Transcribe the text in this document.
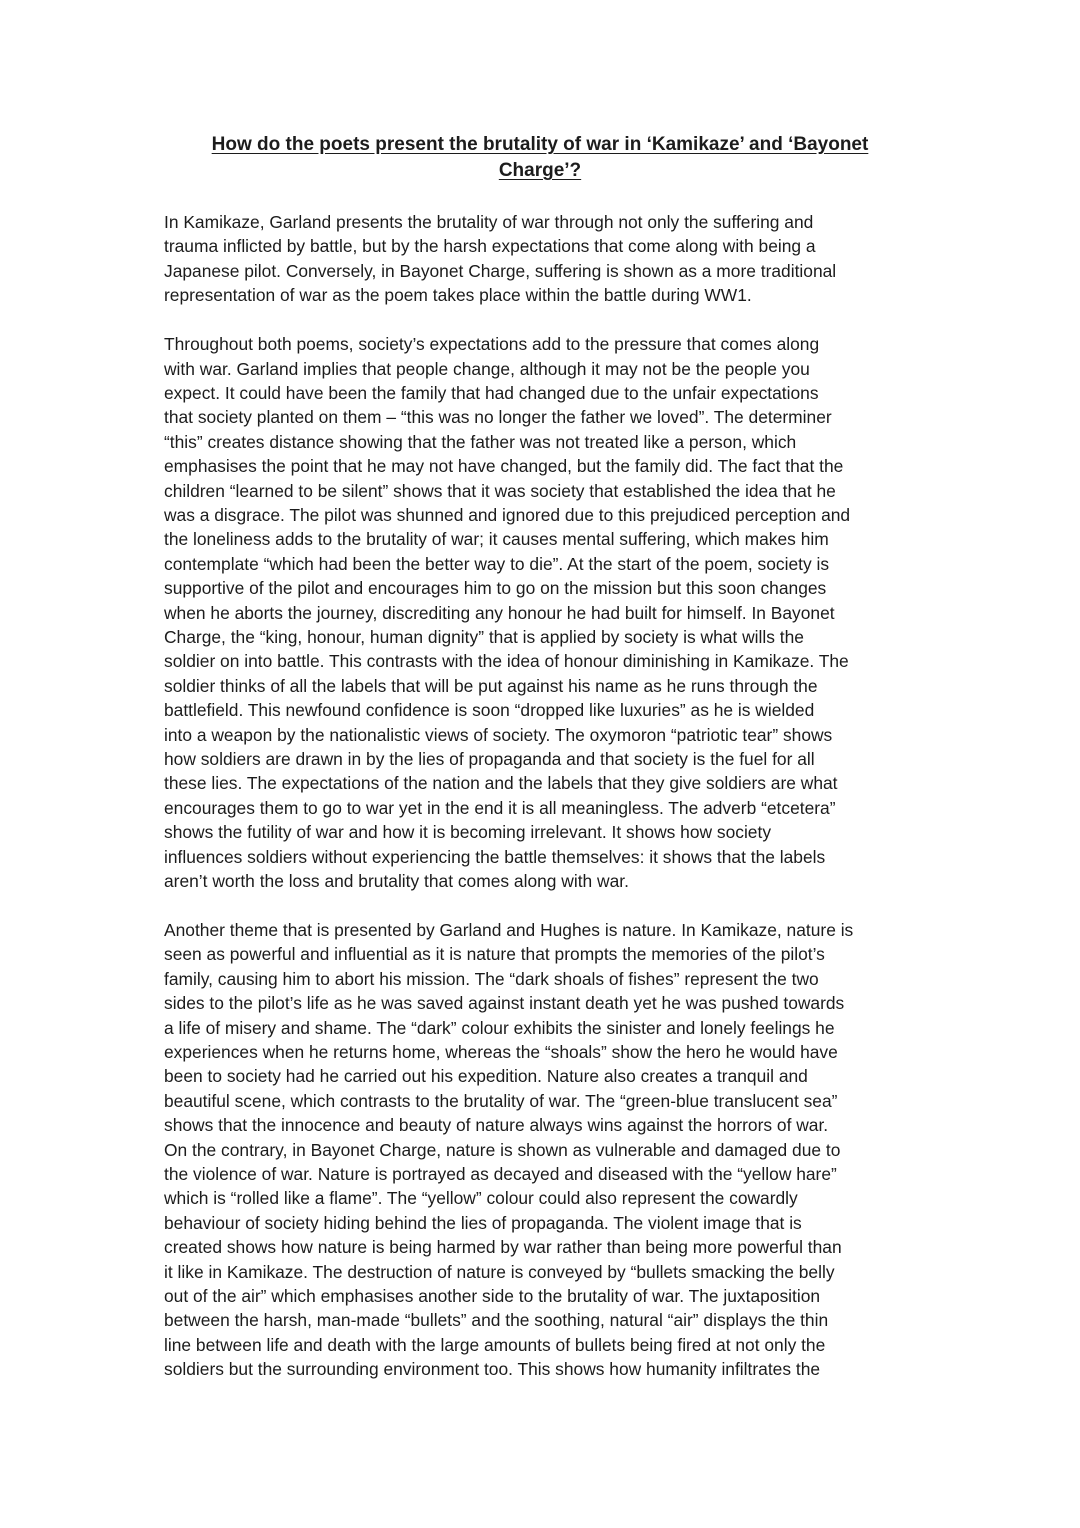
How do the poets present the brutality of war in ‘Kamikaze’ and ‘Bayonet
Charge’?

In Kamikaze, Garland presents the brutality of war through not only the suffering and
trauma inflicted by battle, but by the harsh expectations that come along with being a
Japanese pilot. Conversely, in Bayonet Charge, suffering is shown as a more traditional
representation of war as the poem takes place within the battle during WW1.

Throughout both poems, society’s expectations add to the pressure that comes along
with war. Garland implies that people change, although it may not be the people you
expect. It could have been the family that had changed due to the unfair expectations
that society planted on them – “this was no longer the father we loved”. The determiner
“this” creates distance showing that the father was not treated like a person, which
emphasises the point that he may not have changed, but the family did. The fact that the
children “learned to be silent” shows that it was society that established the idea that he
was a disgrace. The pilot was shunned and ignored due to this prejudiced perception and
the loneliness adds to the brutality of war; it causes mental suffering, which makes him
contemplate “which had been the better way to die”. At the start of the poem, society is
supportive of the pilot and encourages him to go on the mission but this soon changes
when he aborts the journey, discrediting any honour he had built for himself. In Bayonet
Charge, the “king, honour, human dignity” that is applied by society is what wills the
soldier on into battle. This contrasts with the idea of honour diminishing in Kamikaze. The
soldier thinks of all the labels that will be put against his name as he runs through the
battlefield. This newfound confidence is soon “dropped like luxuries” as he is wielded
into a weapon by the nationalistic views of society. The oxymoron “patriotic tear” shows
how soldiers are drawn in by the lies of propaganda and that society is the fuel for all
these lies. The expectations of the nation and the labels that they give soldiers are what
encourages them to go to war yet in the end it is all meaningless. The adverb “etcetera”
shows the futility of war and how it is becoming irrelevant. It shows how society
influences soldiers without experiencing the battle themselves: it shows that the labels
aren’t worth the loss and brutality that comes along with war.

Another theme that is presented by Garland and Hughes is nature. In Kamikaze, nature is
seen as powerful and influential as it is nature that prompts the memories of the pilot’s
family, causing him to abort his mission. The “dark shoals of fishes” represent the two
sides to the pilot’s life as he was saved against instant death yet he was pushed towards
a life of misery and shame. The “dark” colour exhibits the sinister and lonely feelings he
experiences when he returns home, whereas the “shoals” show the hero he would have
been to society had he carried out his expedition. Nature also creates a tranquil and
beautiful scene, which contrasts to the brutality of war. The “green-blue translucent sea”
shows that the innocence and beauty of nature always wins against the horrors of war.
On the contrary, in Bayonet Charge, nature is shown as vulnerable and damaged due to
the violence of war. Nature is portrayed as decayed and diseased with the “yellow hare”
which is “rolled like a flame”. The “yellow” colour could also represent the cowardly
behaviour of society hiding behind the lies of propaganda. The violent image that is
created shows how nature is being harmed by war rather than being more powerful than
it like in Kamikaze. The destruction of nature is conveyed by “bullets smacking the belly
out of the air” which emphasises another side to the brutality of war. The juxtaposition
between the harsh, man-made “bullets” and the soothing, natural “air” displays the thin
line between life and death with the large amounts of bullets being fired at not only the
soldiers but the surrounding environment too. This shows how humanity infiltrates the
